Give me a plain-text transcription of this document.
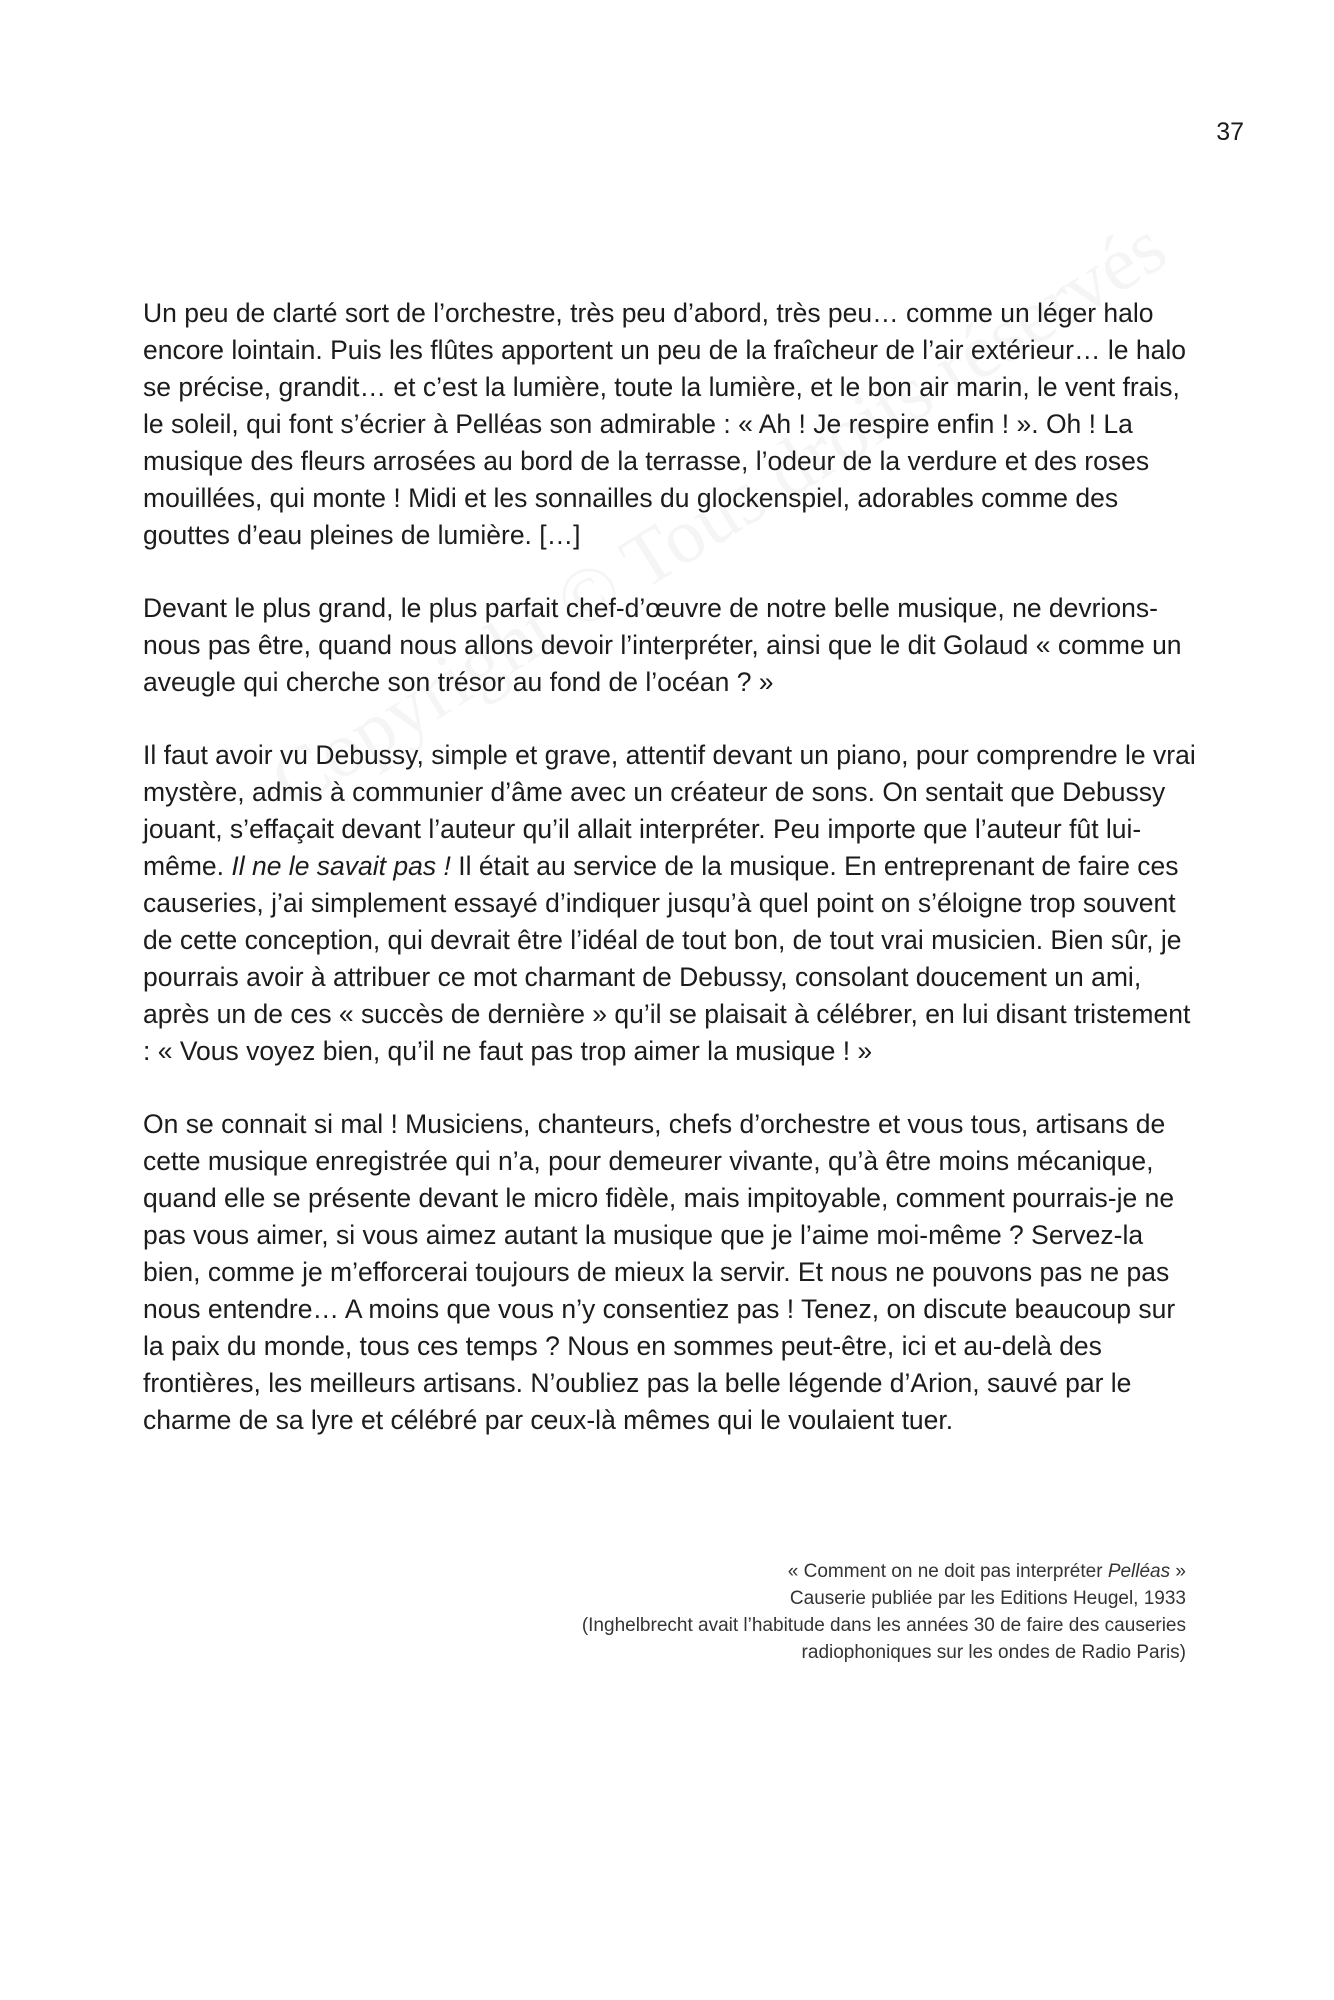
37

Un peu de clarté sort de l’orchestre, très peu d’abord, très peu… comme un léger halo encore lointain. Puis les flûtes apportent un peu de la fraîcheur de l’air extérieur… le halo se précise, grandit… et c’est la lumière, toute la lumière, et le bon air marin, le vent frais, le soleil, qui font s’écrier à Pelléas son admirable : « Ah ! Je respire enfin ! ». Oh ! La musique des fleurs arrosées au bord de la terrasse, l’odeur de la verdure et des roses mouillées, qui monte ! Midi et les sonnailles du glockenspiel, adorables comme des gouttes d’eau pleines de lumière. […]

Devant le plus grand, le plus parfait chef-d’œuvre de notre belle musique, ne devrions-nous pas être, quand nous allons devoir l’interpréter, ainsi que le dit Golaud « comme un aveugle qui cherche son trésor au fond de l’océan ? »

Il faut avoir vu Debussy, simple et grave, attentif devant un piano, pour comprendre le vrai mystère, admis à communier d’âme avec un créateur de sons. On sentait que Debussy jouant, s’effaçait devant l’auteur qu’il allait interpréter. Peu importe que l’auteur fût lui-même. Il ne le savait pas ! Il était au service de la musique. En entreprenant de faire ces causeries, j’ai simplement essayé d’indiquer jusqu’à quel point on s’éloigne trop souvent de cette conception, qui devrait être l’idéal de tout bon, de tout vrai musicien. Bien sûr, je pourrais avoir à attribuer ce mot charmant de Debussy, consolant doucement un ami, après un de ces « succès de dernière » qu’il se plaisait à célébrer, en lui disant tristement : « Vous voyez bien, qu’il ne faut pas trop aimer la musique ! »

On se connait si mal ! Musiciens, chanteurs, chefs d’orchestre et vous tous, artisans de cette musique enregistrée qui n’a, pour demeurer vivante, qu’à être moins mécanique, quand elle se présente devant le micro fidèle, mais impitoyable, comment pourrais-je ne pas vous aimer, si vous aimez autant la musique que je l’aime moi-même ? Servez-la bien, comme je m’efforcerai toujours de mieux la servir. Et nous ne pouvons pas ne pas nous entendre… A moins que vous n’y consentiez pas ! Tenez, on discute beaucoup sur la paix du monde, tous ces temps ? Nous en sommes peut-être, ici et au-delà des frontières, les meilleurs artisans. N’oubliez pas la belle légende d’Arion, sauvé par le charme de sa lyre et célébré par ceux-là mêmes qui le voulaient tuer.

« Comment on ne doit pas interpréter Pelléas »
Causerie publiée par les Editions Heugel, 1933
(Inghelbrecht avait l’habitude dans les années 30 de faire des causeries
radiophoniques sur les ondes de Radio Paris)
